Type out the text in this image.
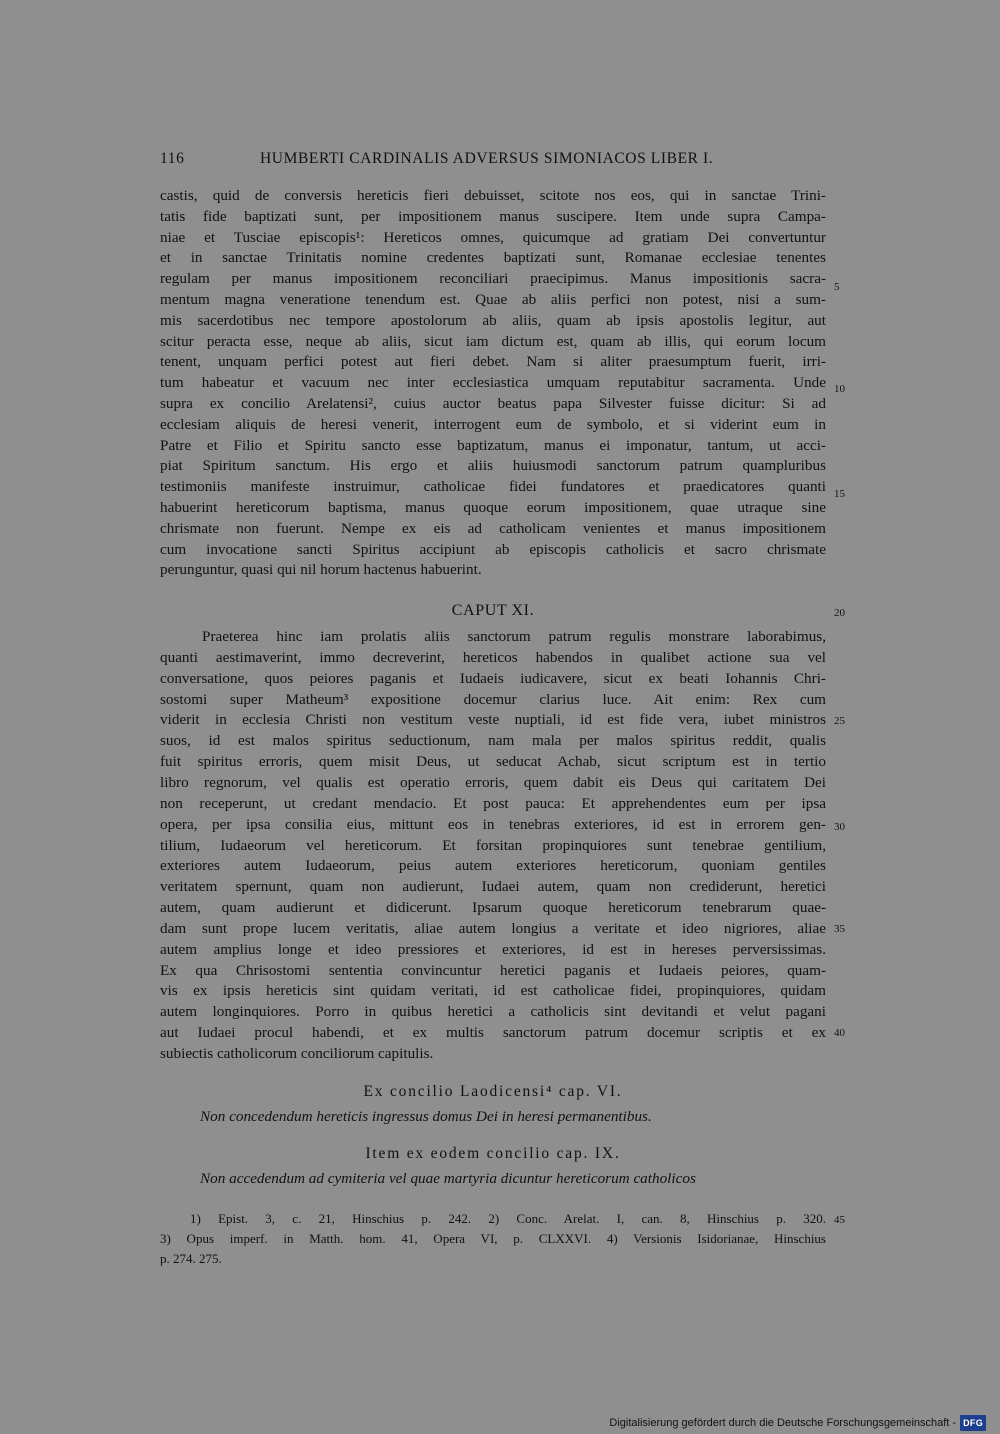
116	HUMBERTI CARDINALIS ADVERSUS SIMONIACOS LIBER I.
castis, quid de conversis hereticis fieri debuisset, scitote nos eos, qui in sanctae Trini-
tatis fide baptizati sunt, per impositionem manus suscipere. Item unde supra Campa-
niae et Tusciae episcopis¹: Hereticos omnes, quicumque ad gratiam Dei convertuntur
et in sanctae Trinitatis nomine credentes baptizati sunt, Romanae ecclesiae tenentes
regulam per manus impositionem reconciliari praecipimus. Manus impositionis sacra-
mentum magna veneratione tenendum est. Quae ab aliis perfici non potest, nisi a sum-
mis sacerdotibus nec tempore apostolorum ab aliis, quam ab ipsis apostolis legitur, aut
scitur peracta esse, neque ab aliis, sicut iam dictum est, quam ab illis, qui eorum locum
tenent, unquam perfici potest aut fieri debet. Nam si aliter praesumptum fuerit, irri-
tum habeatur et vacuum nec inter ecclesiastica umquam reputabitur sacramenta. Unde
supra ex concilio Arelatensi², cuius auctor beatus papa Silvester fuisse dicitur: Si ad
ecclesiam aliquis de heresi venerit, interrogent eum de symbolo, et si viderint eum in
Patre et Filio et Spiritu sancto esse baptizatum, manus ei imponatur, tantum, ut acci-
piat Spiritum sanctum. His ergo et aliis huiusmodi sanctorum patrum quampluribus
testimoniis manifeste instruimur, catholicae fidei fundatores et praedicatores quanti
habuerint hereticorum baptisma, manus quoque eorum impositionem, quae utraque sine
chrismate non fuerunt. Nempe ex eis ad catholicam venientes et manus impositionem
cum invocatione sancti Spiritus accipiunt ab episcopis catholicis et sacro chrismate
perunguntur, quasi qui nil horum hactenus habuerint.
CAPUT XI.
Praeterea hinc iam prolatis aliis sanctorum patrum regulis monstrare laborabimus,
quanti aestimaverint, immo decreverint, hereticos habendos in qualibet actione sua vel
conversatione, quos peiores paganis et Iudaeis iudicavere, sicut ex beati Iohannis Chri-
sostomi super Matheum³ expositione docemur clarius luce. Ait enim: Rex cum
viderit in ecclesia Christi non vestitum veste nuptiali, id est fide vera, iubet ministros
suos, id est malos spiritus seductionum, nam mala per malos spiritus reddit, qualis
fuit spiritus erroris, quem misit Deus, ut seducat Achab, sicut scriptum est in tertio
libro regnorum, vel qualis est operatio erroris, quem dabit eis Deus qui caritatem Dei
non receperunt, ut credant mendacio. Et post pauca: Et apprehendentes eum per ipsa
opera, per ipsa consilia eius, mittunt eos in tenebras exteriores, id est in errorem gen-
tilium, Iudaeorum vel hereticorum. Et forsitan propinquiores sunt tenebrae gentilium,
exteriores autem Iudaeorum, peius autem exteriores hereticorum, quoniam gentiles
veritatem spernunt, quam non audierunt, Iudaei autem, quam non crediderunt, heretici
autem, quam audierunt et didicerunt. Ipsarum quoque hereticorum tenebrarum quae-
dam sunt prope lucem veritatis, aliae autem longius a veritate et ideo nigriores, aliae
autem amplius longe et ideo pressiores et exteriores, id est in hereses perversissimas.
Ex qua Chrisostomi sententia convincuntur heretici paganis et Iudaeis peiores, quam-
vis ex ipsis hereticis sint quidam veritati, id est catholicae fidei, propinquiores, quidam
autem longinquiores. Porro in quibus heretici a catholicis sint devitandi et velut pagani
aut Iudaei procul habendi, et ex multis sanctorum patrum docemur scriptis et ex
subiectis catholicorum conciliorum capitulis.
Ex concilio Laodicensi⁴ cap. VI.
Non concedendum hereticis ingressus domus Dei in heresi permanentibus.
Item ex eodem concilio cap. IX.
Non accedendum ad cymiteria vel quae martyria dicuntur hereticorum catholicos
1) Epist. 3, c. 21, Hinschius p. 242. 2) Conc. Arelat. I, can. 8, Hinschius p. 320.
3) Opus imperf. in Matth. hom. 41, Opera VI, p. CLXXVI. 4) Versionis Isidorianae, Hinschius
p. 274. 275.
5
10
15
20
25
30
35
40
45
Digitalisierung gefördert durch die Deutsche Forschungsgemeinschaft - DFG
